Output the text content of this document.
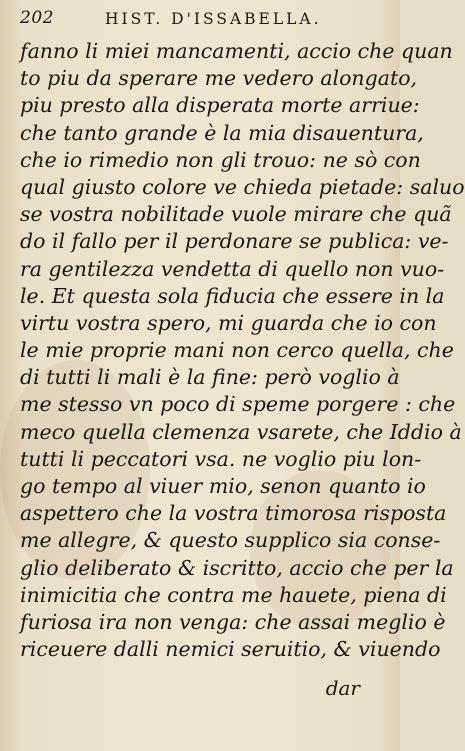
202	HIST. D'ISSABELLA.
fanno li miei mancamenti, accio che quan
to piu da sperare me vedero alongato,
piu presto alla disperata morte arriue:
che tanto grande è la mia disauentura,
che io rimedio non gli trouo: ne sò con
qual giusto colore ve chieda pietade: saluo
se vostra nobilitade vuole mirare che quã
do il fallo per il perdonare se publica: ve-
ra gentilezza vendetta di quello non vuo-
le. Et questa sola fiducia che essere in la
virtu vostra spero, mi guarda che io con
le mie proprie mani non cerco quella, che
di tutti li mali è la fine: però voglio à
me stesso vn poco di speme porgere : che
meco quella clemenza vsarete, che Iddio à
tutti li peccatori vsa. ne voglio piu lon-
go tempo al viuer mio, senon quanto io
aspettero che la vostra timorosa risposta
me allegre, & questo supplico sia conse-
glio deliberato & iscritto, accio che per la
inimicitia che contra me hauete, piena di
furiosa ira non venga: che assai meglio è
riceuere dalli nemici seruitio, & viuendo
dar
